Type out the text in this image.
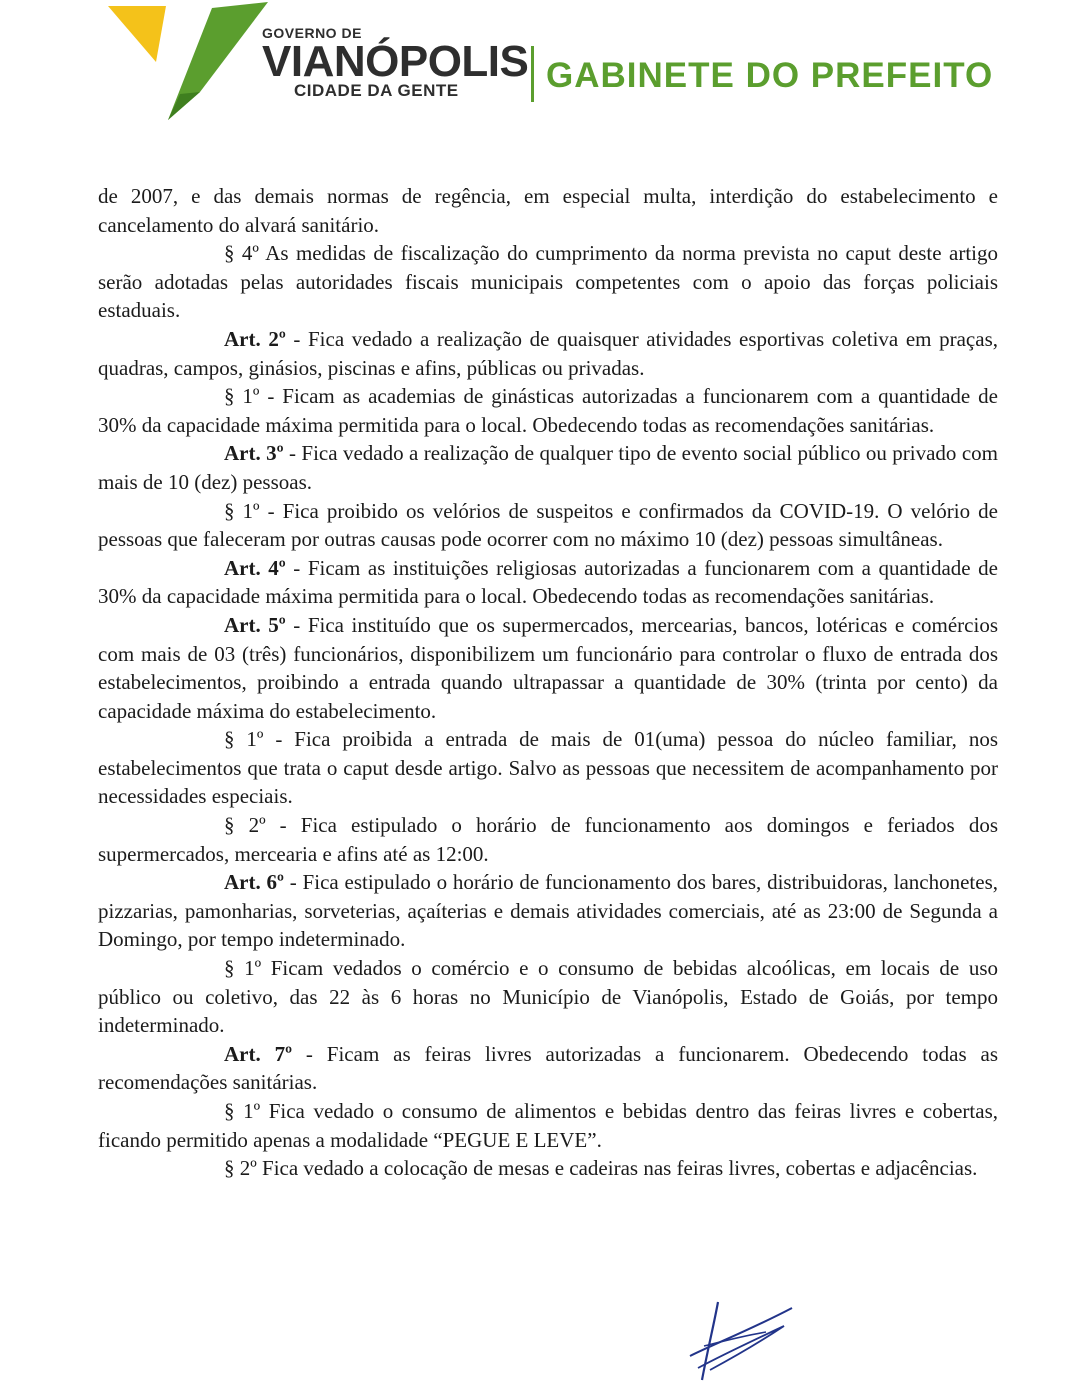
GOVERNO DE
VIANÓPOLIS
CIDADE DA GENTE	GABINETE DO PREFEITO

de 2007, e das demais normas de regência, em especial multa, interdição do estabelecimento e cancelamento do alvará sanitário.

§ 4º As medidas de fiscalização do cumprimento da norma prevista no caput deste artigo serão adotadas pelas autoridades fiscais municipais competentes com o apoio das forças policiais estaduais.

Art. 2º - Fica vedado a realização de quaisquer atividades esportivas coletiva em praças, quadras, campos, ginásios, piscinas e afins, públicas ou privadas.

§ 1º - Ficam as academias de ginásticas autorizadas a funcionarem com a quantidade de 30% da capacidade máxima permitida para o local. Obedecendo todas as recomendações sanitárias.

Art. 3º - Fica vedado a realização de qualquer tipo de evento social público ou privado com mais de 10 (dez) pessoas.

§ 1º - Fica proibido os velórios de suspeitos e confirmados da COVID-19. O velório de pessoas que faleceram por outras causas pode ocorrer com no máximo 10 (dez) pessoas simultâneas.

Art. 4º - Ficam as instituições religiosas autorizadas a funcionarem com a quantidade de 30% da capacidade máxima permitida para o local. Obedecendo todas as recomendações sanitárias.

Art. 5º - Fica instituído que os supermercados, mercearias, bancos, lotéricas e comércios com mais de 03 (três) funcionários, disponibilizem um funcionário para controlar o fluxo de entrada dos estabelecimentos, proibindo a entrada quando ultrapassar a quantidade de 30% (trinta por cento) da capacidade máxima do estabelecimento.

§ 1º - Fica proibida a entrada de mais de 01(uma) pessoa do núcleo familiar, nos estabelecimentos que trata o caput desde artigo. Salvo as pessoas que necessitem de acompanhamento por necessidades especiais.

§ 2º - Fica estipulado o horário de funcionamento aos domingos e feriados dos supermercados, mercearia e afins até as 12:00.

Art. 6º - Fica estipulado o horário de funcionamento dos bares, distribuidoras, lanchonetes, pizzarias, pamonharias, sorveterias, açaíterias e demais atividades comerciais, até as 23:00 de Segunda a Domingo, por tempo indeterminado.

§ 1º Ficam vedados o comércio e o consumo de bebidas alcoólicas, em locais de uso público ou coletivo, das 22 às 6 horas no Município de Vianópolis, Estado de Goiás, por tempo indeterminado.

Art. 7º - Ficam as feiras livres autorizadas a funcionarem. Obedecendo todas as recomendações sanitárias.

§ 1º Fica vedado o consumo de alimentos e bebidas dentro das feiras livres e cobertas, ficando permitido apenas a modalidade “PEGUE E LEVE”.

§ 2º Fica vedado a colocação de mesas e cadeiras nas feiras livres, cobertas e adjacências.
